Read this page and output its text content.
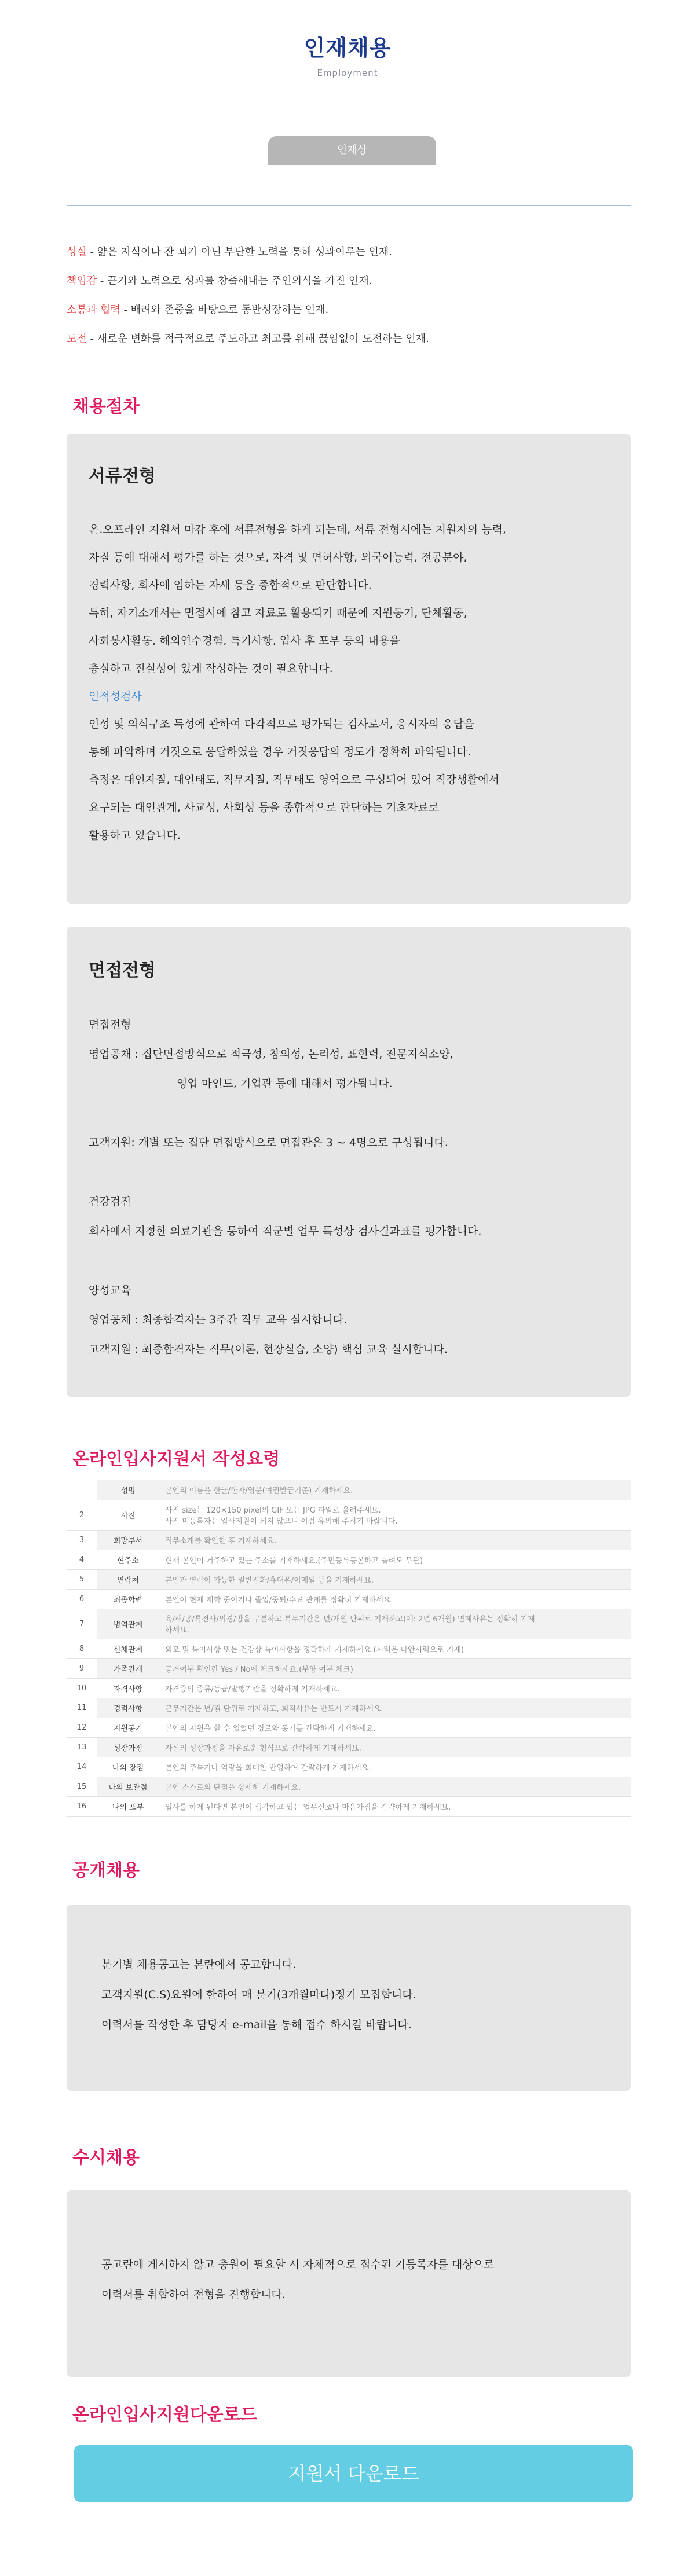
인재채용
Employment
인재상
성실 - 얇은 지식이나 잔 꾀가 아닌 부단한 노력을 통해 성과이루는 인재.
책임감 - 끈기와 노력으로 성과를 창출해내는 주인의식을 가진 인재.
소통과 협력 - 배려와 존중을 바탕으로 동반성장하는 인재.
도전 - 새로운 변화를 적극적으로 주도하고 최고를 위해 끊임없이 도전하는 인재.
채용절차
서류전형
온.오프라인 지원서 마감 후에 서류전형을 하게 되는데, 서류 전형시에는 지원자의 능력,
자질 등에 대해서 평가를 하는 것으로, 자격 및 면허사항, 외국어능력, 전공분야,
경력사항, 회사에 임하는 자세 등을 종합적으로 판단합니다.
특히, 자기소개서는 면접시에 참고 자료로 활용되기 때문에 지원동기, 단체활동,
사회봉사활동, 해외연수경험, 특기사항, 입사 후 포부 등의 내용을
충실하고 진실성이 있게 작성하는 것이 필요합니다.
인적성검사
인성 및 의식구조 특성에 관하여 다각적으로 평가되는 검사로서, 응시자의 응답을
통해 파악하며 거짓으로 응답하였을 경우 거짓응답의 정도가 정확히 파악됩니다.
측정은 대인자질, 대인태도, 직무자질, 직무태도 영역으로 구성되어 있어 직장생활에서
요구되는 대인관계, 사교성, 사회성 등을 종합적으로 판단하는 기초자료로
활용하고 있습니다.
면접전형
면접전형
영업공채 : 집단면접방식으로 적극성, 창의성, 논리성, 표현력, 전문지식소양,
영업 마인드, 기업관 등에 대해서 평가됩니다.
고객지원: 개별 또는 집단 면접방식으로 면접관은 3 ~ 4명으로 구성됩니다.
건강검진
회사에서 지정한 의료기관을 통하여 직군별 업무 특성상 검사결과표를 평가합니다.
양성교육
영업공채 : 최종합격자는 3주간 직무 교육 실시합니다.
고객지원 : 최종합격자는 직무(이론, 현장실습, 소양) 핵심 교육 실시합니다.
온라인입사지원서 작성요령
	성명	본인의 이름을 한글/한자/영문(여권발급기준) 기재하세요.

2	사진	사진 size는 120×150 pixel의 GIF 또는 JPG 파일로 올려주세요.
사진 미등록자는 입사지원이 되지 않으니 이점 유의해 주시기 바랍니다.

3	희망부서	직무소개를 확인한 후 기재하세요.

4	현주소	현재 본인이 거주하고 있는 주소를 기재하세요.(주민등록등본하고 틀려도 무관)

5	연락처	본인과 연락이 가능한 일반전화/휴대폰/이메일 등을 기재하세요.

6	최종학력	본인이 현재 재학 중이거나 졸업/중퇴/수료 관계를 정확히 기재하세요.

7	병역관계	육/해/공/특전사/의경/방을 구분하고 복무기간은 년/개월 단위로 기재하고(예: 2년 6개월) 면제사유는 정확히 기재
하세요.

8	신체관계	외모 및 특이사항 또는 건강상 특이사항을 정확하게 기재하세요.(시력은 나안시력으로 기재)

9	가족관계	동거여부 확인란 Yes / No에 체크하세요.(부양 여부 체크)

10	자격사항	자격증의 종류/등급/발행기관을 정확하게 기재하세요.

11	경력사항	근무기간은 년/월 단위로 기재하고, 퇴직사유는 반드시 기재하세요.

12	지원동기	본인의 지원을 할 수 있었던 경로와 동기를 간략하게 기재하세요.

13	성장과정	자신의 성장과정을 자유로운 형식으로 간략하게 기재하세요.

14	나의 장점	본인의 주특기나 역량을 회대한 반영하여 간략하게 기재하세요.

15	나의 보완점	본인 스스로의 단점을 상세히 기재하세요.

16	나의 포부	입사를 하게 된다면 본인이 생각하고 있는 업무신조나 마음가짐을 간략하게 기재하세요.
공개채용
분기별 채용공고는 본란에서 공고합니다.
고객지원(C.S)요원에 한하여 매 분기(3개월마다)정기 모집합니다.
이력서를 작성한 후 담당자 e-mail을 통해 접수 하시길 바랍니다.
수시채용
공고란에 게시하지 않고 충원이 필요할 시 자체적으로 접수된 기등록자를 대상으로
이력서를 취합하여 전형을 진행합니다.
온라인입사지원다운로드
지원서 다운로드
